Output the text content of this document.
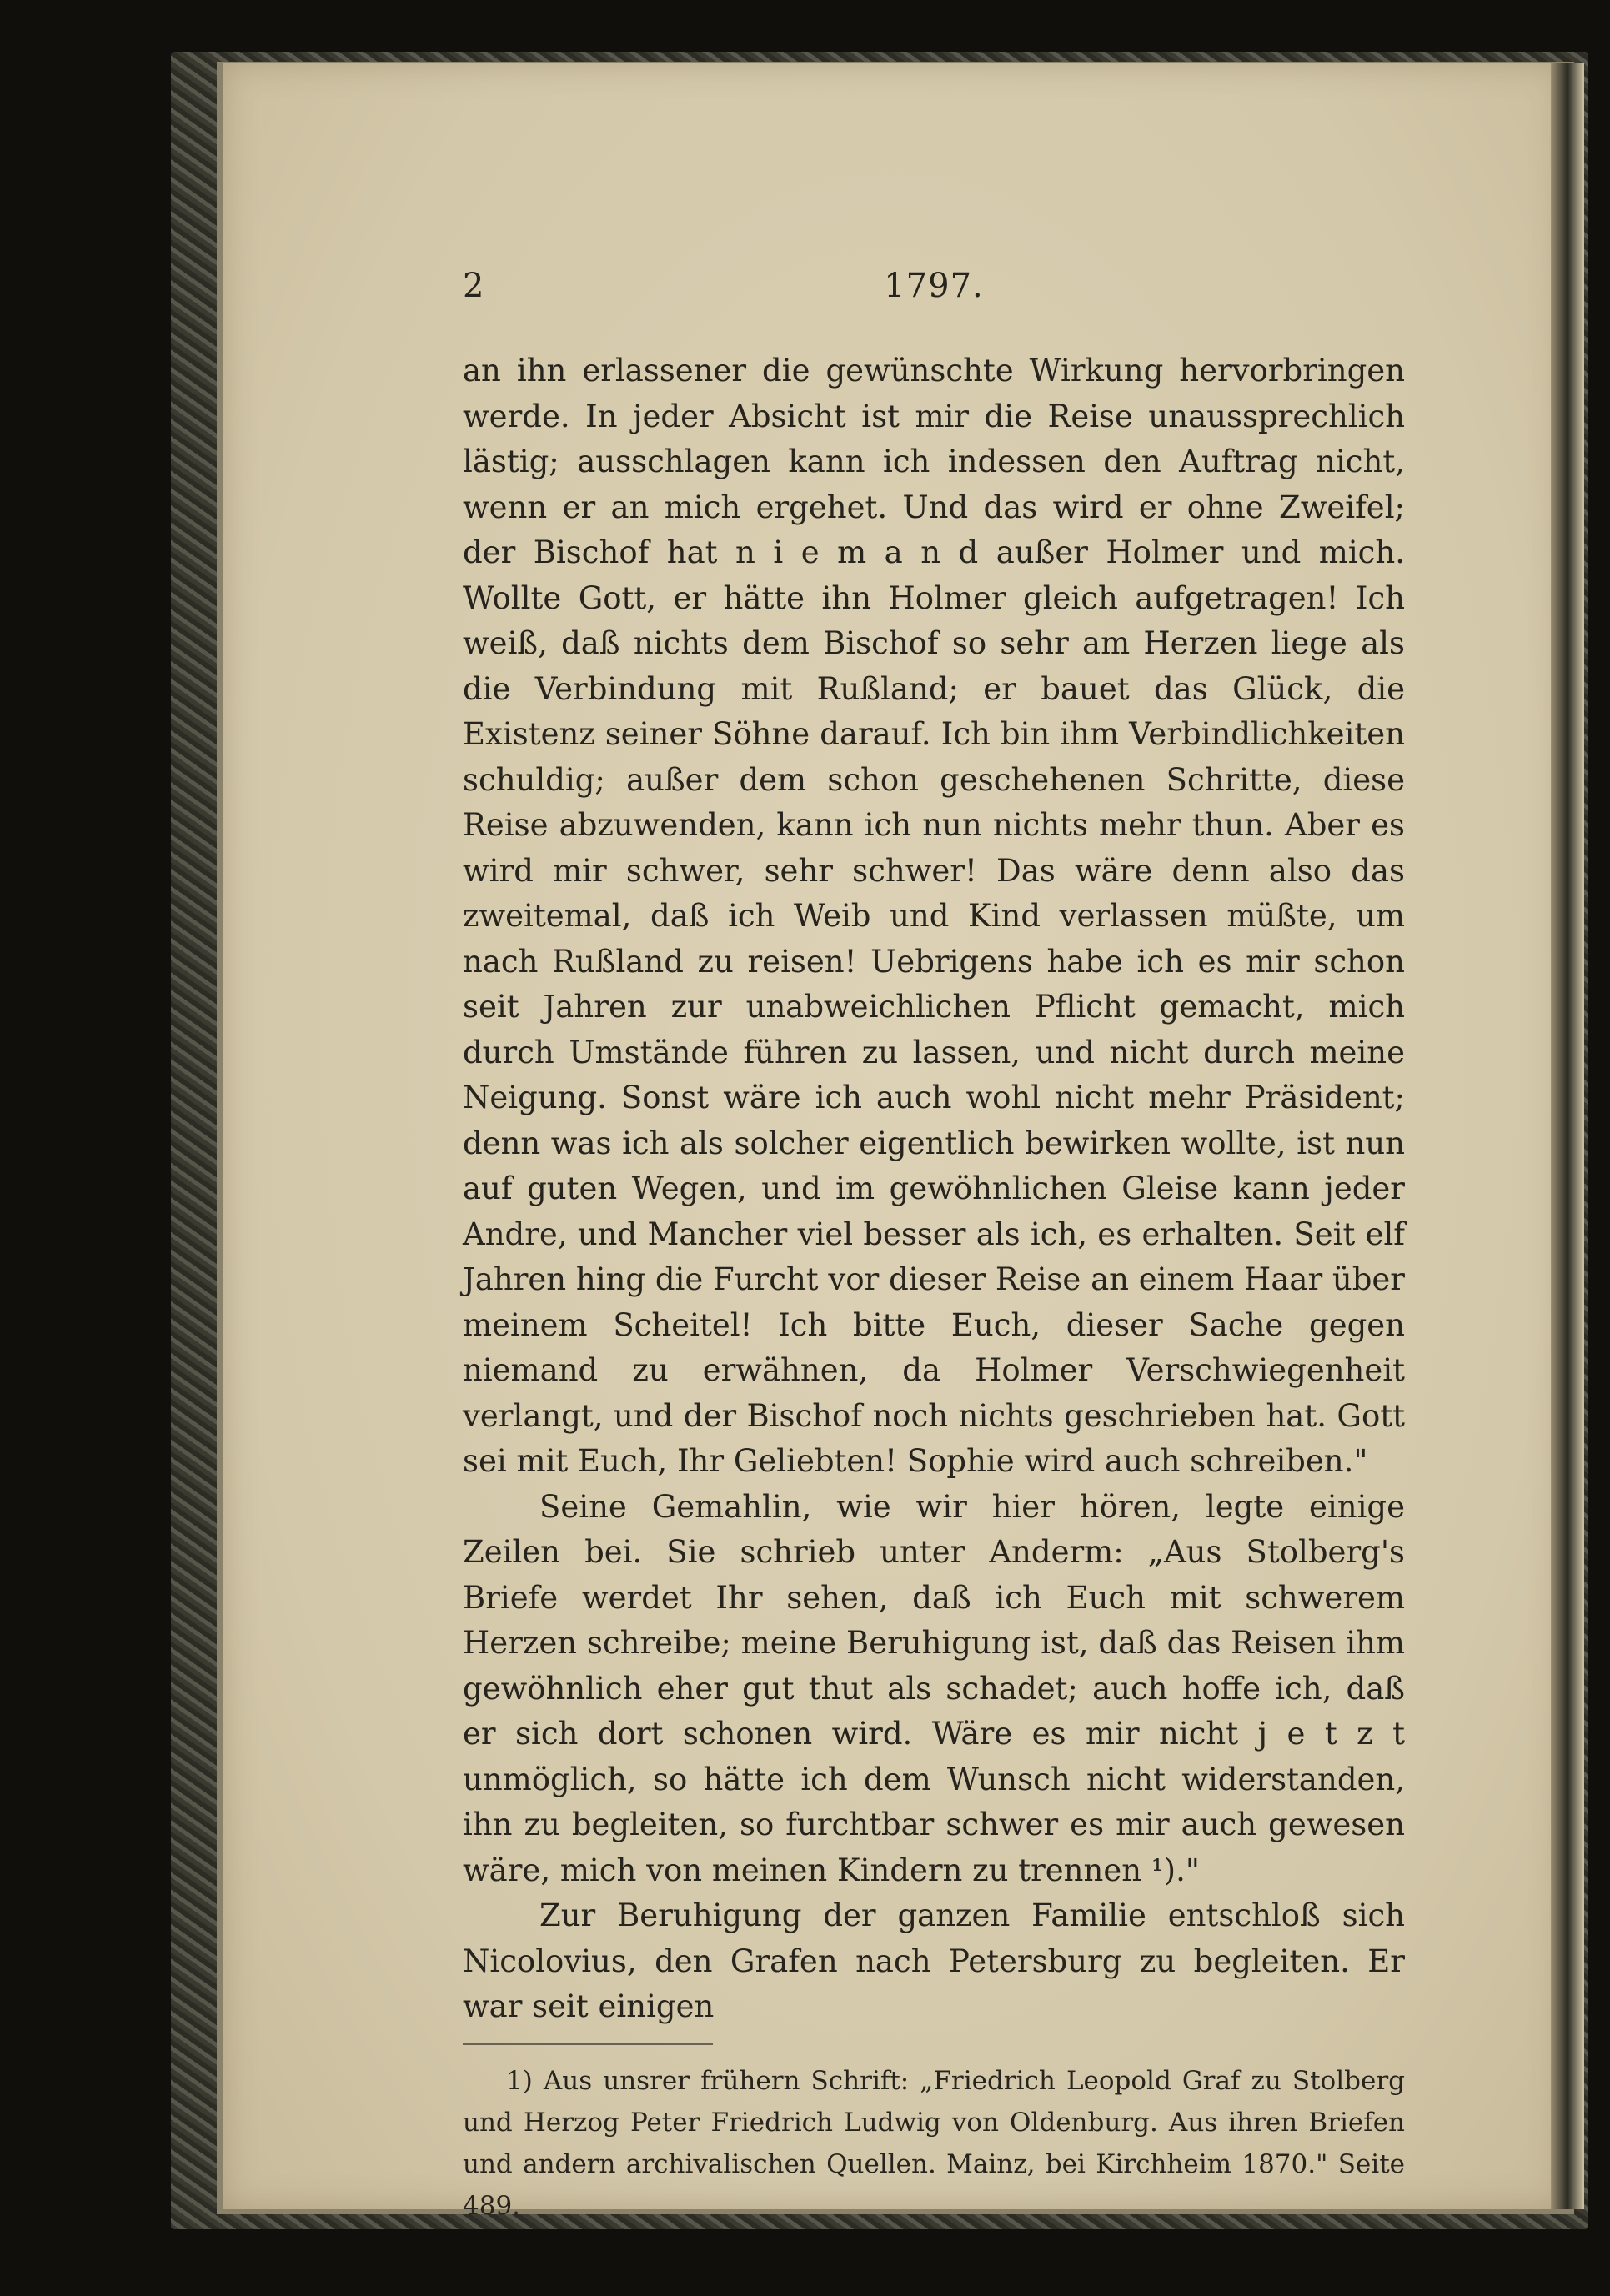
2	1797.

an ihn erlassener die gewünschte Wirkung hervorbringen werde. In jeder Absicht ist mir die Reise unaussprechlich lästig; ausschlagen kann ich indessen den Auftrag nicht, wenn er an mich ergehet. Und das wird er ohne Zweifel; der Bischof hat n i e m a n d außer Holmer und mich. Wollte Gott, er hätte ihn Holmer gleich aufgetragen! Ich weiß, daß nichts dem Bischof so sehr am Herzen liege als die Verbindung mit Rußland; er bauet das Glück, die Existenz seiner Söhne darauf. Ich bin ihm Verbindlichkeiten schuldig; außer dem schon geschehenen Schritte, diese Reise abzuwenden, kann ich nun nichts mehr thun. Aber es wird mir schwer, sehr schwer! Das wäre denn also das zweitemal, daß ich Weib und Kind verlassen müßte, um nach Rußland zu reisen! Uebrigens habe ich es mir schon seit Jahren zur unabweichlichen Pflicht gemacht, mich durch Umstände führen zu lassen, und nicht durch meine Neigung. Sonst wäre ich auch wohl nicht mehr Präsident; denn was ich als solcher eigentlich bewirken wollte, ist nun auf guten Wegen, und im gewöhnlichen Gleise kann jeder Andre, und Mancher viel besser als ich, es erhalten. Seit elf Jahren hing die Furcht vor dieser Reise an einem Haar über meinem Scheitel! Ich bitte Euch, dieser Sache gegen niemand zu erwähnen, da Holmer Verschwiegenheit verlangt, und der Bischof noch nichts geschrieben hat. Gott sei mit Euch, Ihr Geliebten! Sophie wird auch schreiben."

Seine Gemahlin, wie wir hier hören, legte einige Zeilen bei. Sie schrieb unter Anderm: „Aus Stolberg's Briefe werdet Ihr sehen, daß ich Euch mit schwerem Herzen schreibe; meine Beruhigung ist, daß das Reisen ihm gewöhnlich eher gut thut als schadet; auch hoffe ich, daß er sich dort schonen wird. Wäre es mir nicht j e t z t unmöglich, so hätte ich dem Wunsch nicht widerstanden, ihn zu begleiten, so furchtbar schwer es mir auch gewesen wäre, mich von meinen Kindern zu trennen ¹)."

Zur Beruhigung der ganzen Familie entschloß sich Nicolovius, den Grafen nach Petersburg zu begleiten. Er war seit einigen

1) Aus unsrer frühern Schrift: „Friedrich Leopold Graf zu Stolberg und Herzog Peter Friedrich Ludwig von Oldenburg. Aus ihren Briefen und andern archivalischen Quellen. Mainz, bei Kirchheim 1870." Seite 489.
